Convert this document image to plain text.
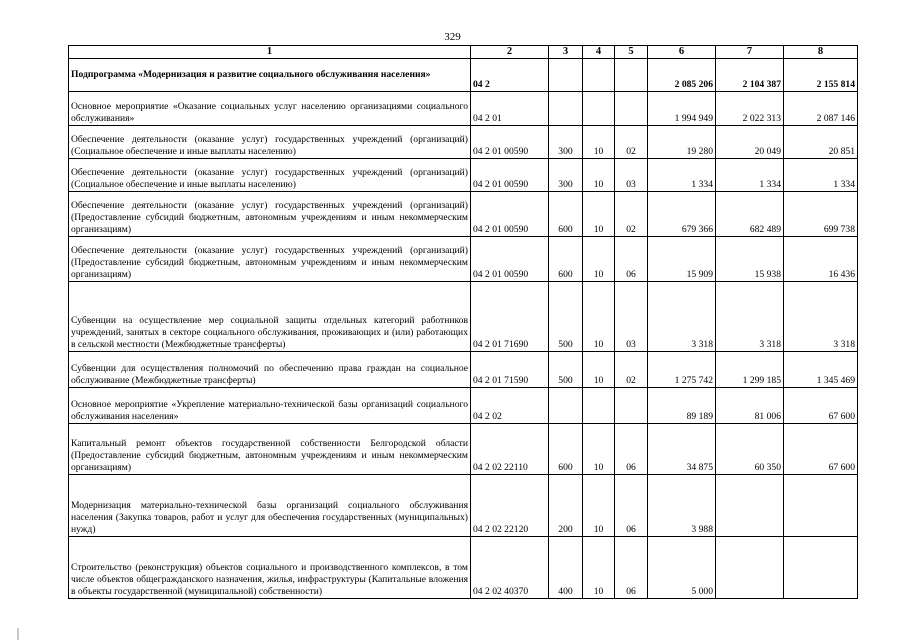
329
1	2	3	4	5	6	7	8
Подпрограмма «Модернизация и развитие социального обслуживания населения»	04 2				2 085 206	2 104 387	2 155 814
Основное мероприятие «Оказание социальных услуг населению организациями социального обслуживания»	04 2 01				1 994 949	2 022 313	2 087 146
Обеспечение деятельности (оказание услуг) государственных учреждений (организаций) (Социальное обеспечение и иные выплаты населению)	04 2 01 00590	300	10	02	19 280	20 049	20 851
Обеспечение деятельности (оказание услуг) государственных учреждений (организаций) (Социальное обеспечение и иные выплаты населению)	04 2 01 00590	300	10	03	1 334	1 334	1 334
Обеспечение деятельности (оказание услуг) государственных учреждений (организаций) (Предоставление субсидий бюджетным, автономным учреждениям и иным некоммерческим организациям)	04 2 01 00590	600	10	02	679 366	682 489	699 738
Обеспечение деятельности (оказание услуг) государственных учреждений (организаций) (Предоставление субсидий бюджетным, автономным учреждениям и иным некоммерческим организациям)	04 2 01 00590	600	10	06	15 909	15 938	16 436
Субвенции на осуществление мер социальной защиты отдельных категорий работников учреждений, занятых в секторе социального обслуживания, проживающих и (или) работающих в сельской местности (Межбюджетные трансферты)	04 2 01 71690	500	10	03	3 318	3 318	3 318
Субвенции для осуществления полномочий по обеспечению права граждан на социальное обслуживание (Межбюджетные трансферты)	04 2 01 71590	500	10	02	1 275 742	1 299 185	1 345 469
Основное мероприятие «Укрепление материально-технической базы организаций социального обслуживания населения»	04 2 02				89 189	81 006	67 600
Капитальный ремонт объектов государственной собственности Белгородской области (Предоставление субсидий бюджетным, автономным учреждениям и иным некоммерческим организациям)	04 2 02 22110	600	10	06	34 875	60 350	67 600
Модернизация материально-технической базы организаций социального обслуживания населения (Закупка товаров, работ и услуг для обеспечения государственных (муниципальных) нужд)	04 2 02 22120	200	10	06	3 988		
Строительство (реконструкция) объектов социального и производственного комплексов, в том числе объектов общегражданского назначения, жилья, инфраструктуры (Капитальные вложения в объекты государственной (муниципальной) собственности)	04 2 02 40370	400	10	06	5 000		
